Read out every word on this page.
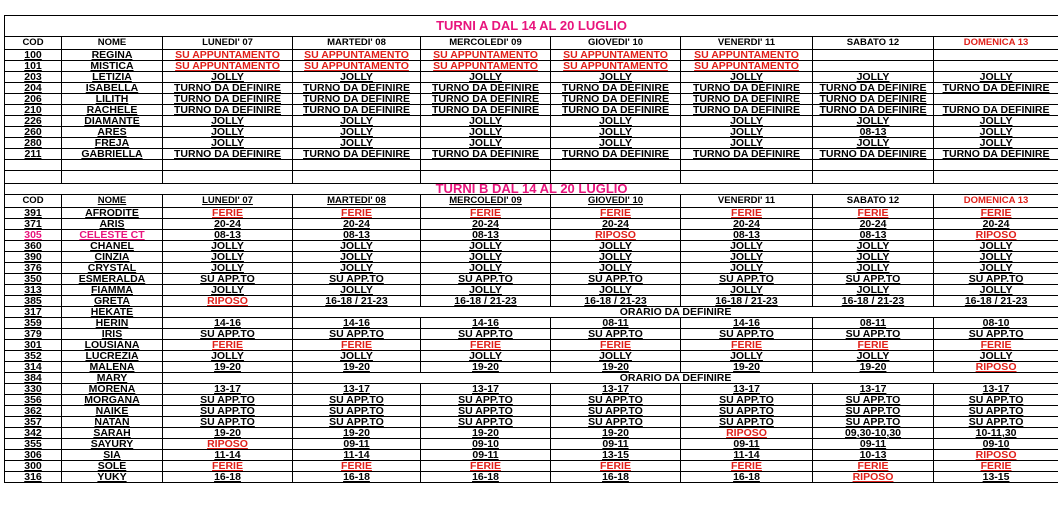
TURNI A DAL 14 AL 20 LUGLIO								
COD	NOME	LUNEDI' 07	MARTEDI' 08	MERCOLEDI' 09	GIOVEDI' 10	VENERDI' 11	SABATO 12	DOMENICA 13
100	REGINA	SU APPUNTAMENTO	SU APPUNTAMENTO	SU APPUNTAMENTO	SU APPUNTAMENTO	SU APPUNTAMENTO		
101	MISTICA	SU APPUNTAMENTO	SU APPUNTAMENTO	SU APPUNTAMENTO	SU APPUNTAMENTO	SU APPUNTAMENTO		
203	LETIZIA	JOLLY	JOLLY	JOLLY	JOLLY	JOLLY	JOLLY	JOLLY
204	ISABELLA	TURNO DA DEFINIRE	TURNO DA DEFINIRE	TURNO DA DEFINIRE	TURNO DA DEFINIRE	TURNO DA DEFINIRE	TURNO DA DEFINIRE	TURNO DA DEFINIRE
206	LILITH	TURNO DA DEFINIRE	TURNO DA DEFINIRE	TURNO DA DEFINIRE	TURNO DA DEFINIRE	TURNO DA DEFINIRE	TURNO DA DEFINIRE	
210	RACHELE	TURNO DA DEFINIRE	TURNO DA DEFINIRE	TURNO DA DEFINIRE	TURNO DA DEFINIRE	TURNO DA DEFINIRE	TURNO DA DEFINIRE	TURNO DA DEFINIRE
226	DIAMANTE	JOLLY	JOLLY	JOLLY	JOLLY	JOLLY	JOLLY	JOLLY
260	ARES	JOLLY	JOLLY	JOLLY	JOLLY	JOLLY	08-13	JOLLY
280	FREJA	JOLLY	JOLLY	JOLLY	JOLLY	JOLLY	JOLLY	JOLLY
211	GABRIELLA	TURNO DA DEFINIRE	TURNO DA DEFINIRE	TURNO DA DEFINIRE	TURNO DA DEFINIRE	TURNO DA DEFINIRE	TURNO DA DEFINIRE	TURNO DA DEFINIRE

TURNI B DAL 14 AL 20 LUGLIO								
COD	NOME	LUNEDI' 07	MARTEDI' 08	MERCOLEDI' 09	GIOVEDI' 10	VENERDI' 11	SABATO 12	DOMENICA 13
391	AFRODITE	FERIE	FERIE	FERIE	FERIE	FERIE	FERIE	FERIE
371	ARIS	20-24	20-24	20-24	20-24	20-24	20-24	20-24
305	CELESTE CT	08-13	08-13	08-13	RIPOSO	08-13	08-13	RIPOSO
360	CHANEL	JOLLY	JOLLY	JOLLY	JOLLY	JOLLY	JOLLY	JOLLY
390	CINZIA	JOLLY	JOLLY	JOLLY	JOLLY	JOLLY	JOLLY	JOLLY
376	CRYSTAL	JOLLY	JOLLY	JOLLY	JOLLY	JOLLY	JOLLY	JOLLY
350	ESMERALDA	SU APP.TO	SU APP.TO	SU APP.TO	SU APP.TO	SU APP.TO	SU APP.TO	SU APP.TO
313	FIAMMA	JOLLY	JOLLY	JOLLY	JOLLY	JOLLY	JOLLY	JOLLY
385	GRETA	RIPOSO	16-18 / 21-23	16-18 / 21-23	16-18 / 21-23	16-18 / 21-23	16-18 / 21-23	16-18 / 21-23
317	HEKATE		ORARIO DA DEFINIRE					
359	HERIN	14-16	14-16	14-16	08-11	14-16	08-11	08-10
379	IRIS	SU APP.TO	SU APP.TO	SU APP.TO	SU APP.TO	SU APP.TO	SU APP.TO	SU APP.TO
301	LOUSIANA	FERIE	FERIE	FERIE	FERIE	FERIE	FERIE	FERIE
352	LUCREZIA	JOLLY	JOLLY	JOLLY	JOLLY	JOLLY	JOLLY	JOLLY
314	MALENA	19-20	19-20	19-20	19-20	19-20	19-20	RIPOSO
384	MARY		ORARIO DA DEFINIRE					
330	MORENA	13-17	13-17	13-17	13-17	13-17	13-17	13-17
356	MORGANA	SU APP.TO	SU APP.TO	SU APP.TO	SU APP.TO	SU APP.TO	SU APP.TO	SU APP.TO
362	NAIKE	SU APP.TO	SU APP.TO	SU APP.TO	SU APP.TO	SU APP.TO	SU APP.TO	SU APP.TO
357	NATAN	SU APP.TO	SU APP.TO	SU APP.TO	SU APP.TO	SU APP.TO	SU APP.TO	SU APP.TO
342	SARAH	19-20	19-20	19-20	19-20	RIPOSO	09,30-10,30	10-11,30
355	SAYURY	RIPOSO	09-11	09-10	09-11	09-11	09-11	09-10
306	SIA	11-14	11-14	09-11	13-15	11-14	10-13	RIPOSO
300	SOLE	FERIE	FERIE	FERIE	FERIE	FERIE	FERIE	FERIE
316	YUKY	16-18	16-18	16-18	16-18	16-18	RIPOSO	13-15
